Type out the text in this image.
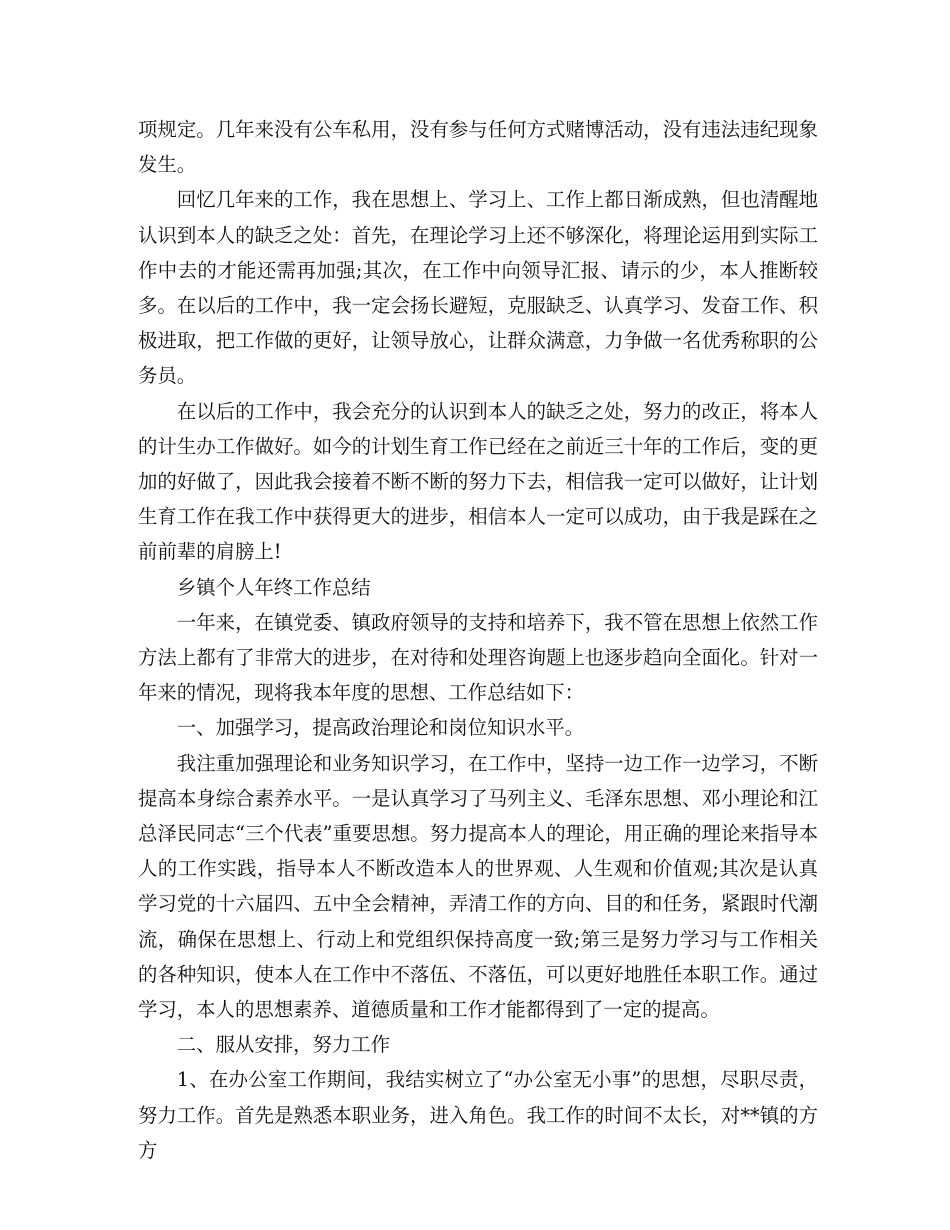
项规定。几年来没有公车私用，没有参与任何方式赌博活动，没有违法违纪现象发生。

回忆几年来的工作，我在思想上、学习上、工作上都日渐成熟，但也清醒地认识到本人的缺乏之处：首先，在理论学习上还不够深化，将理论运用到实际工作中去的才能还需再加强;其次，在工作中向领导汇报、请示的少，本人推断较多。在以后的工作中，我一定会扬长避短，克服缺乏、认真学习、发奋工作、积极进取，把工作做的更好，让领导放心，让群众满意，力争做一名优秀称职的公务员。

在以后的工作中，我会充分的认识到本人的缺乏之处，努力的改正，将本人的计生办工作做好。如今的计划生育工作已经在之前近三十年的工作后，变的更加的好做了，因此我会接着不断不断的努力下去，相信我一定可以做好，让计划生育工作在我工作中获得更大的进步，相信本人一定可以成功，由于我是踩在之前前辈的肩膀上!

乡镇个人年终工作总结

一年来，在镇党委、镇政府领导的支持和培养下，我不管在思想上依然工作方法上都有了非常大的进步，在对待和处理咨询题上也逐步趋向全面化。针对一年来的情况，现将我本年度的思想、工作总结如下：

一、加强学习，提高政治理论和岗位知识水平。

我注重加强理论和业务知识学习，在工作中，坚持一边工作一边学习，不断提高本身综合素养水平。一是认真学习了马列主义、毛泽东思想、邓小理论和江总泽民同志“三个代表”重要思想。努力提高本人的理论，用正确的理论来指导本人的工作实践，指导本人不断改造本人的世界观、人生观和价值观;其次是认真学习党的十六届四、五中全会精神，弄清工作的方向、目的和任务，紧跟时代潮流，确保在思想上、行动上和党组织保持高度一致;第三是努力学习与工作相关的各种知识，使本人在工作中不落伍、不落伍，可以更好地胜任本职工作。通过学习，本人的思想素养、道德质量和工作才能都得到了一定的提高。

二、服从安排，努力工作

1、在办公室工作期间，我结实树立了“办公室无小事”的思想，尽职尽责，努力工作。首先是熟悉本职业务，进入角色。我工作的时间不太长，对**镇的方方
